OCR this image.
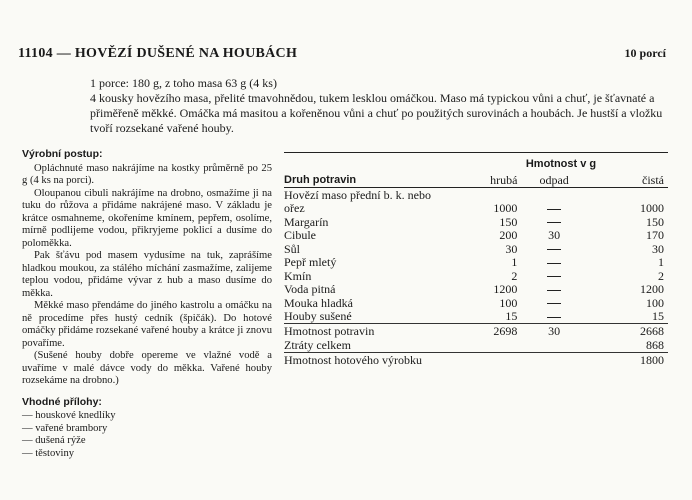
11104 — HOVĚZÍ DUŠENÉ NA HOUBÁCH	10 porcí

1 porce: 180 g, z toho masa 63 g (4 ks)

4 kousky hovězího masa, přelité tmavohnědou, tukem lesklou omáčkou. Maso má typickou vůni a chuť, je šťavnaté a přiměřeně měkké. Omáčka má masitou a kořeněnou vůni a chuť po použitých surovinách a houbách. Je hustší a vložku tvoří rozsekané vařené houby.

Výrobní postup:

Opláchnuté maso nakrájíme na kostky průměrně po 25 g (4 ks na porci).

Oloupanou cibuli nakrájíme na drobno, osmažíme ji na tuku do růžova a přidáme nakrájené maso. V základu je krátce osmahneme, okořeníme kmínem, pepřem, osolíme, mírně podlijeme vodou, přikryjeme poklicí a dusíme do poloměkka.

Pak šťávu pod masem vydusíme na tuk, zaprášíme hladkou moukou, za stálého míchání zasmažíme, zalijeme teplou vodou, přidáme vývar z hub a maso dusíme do měkka.

Měkké maso přendáme do jiného kastrolu a omáčku na ně procedíme přes hustý cedník (špičák). Do hotové omáčky přidáme rozsekané vařené houby a krátce ji znovu povaříme.

(Sušené houby dobře opereme ve vlažné vodě a uvaříme v malé dávce vody do měkka. Vařené houby rozsekáme na drobno.)

Vhodné přílohy:
— houskové knedlíky
— vařené brambory
— dušená rýže
— těstoviny

	Hmotnost v g		
Druh potravin	hrubá	odpad	čistá
Hovězí maso přední b. k. nebo			
ořez	1000		1000
Margarín	150		150
Cibule	200	30	170
Sůl	30		30
Pepř mletý	1		1
Kmín	2		2
Voda pitná	1200		1200
Mouka hladká	100		100
Houby sušené	15		15
Hmotnost potravin	2698	30	2668
Ztráty celkem			868
Hmotnost hotového výrobku			1800
